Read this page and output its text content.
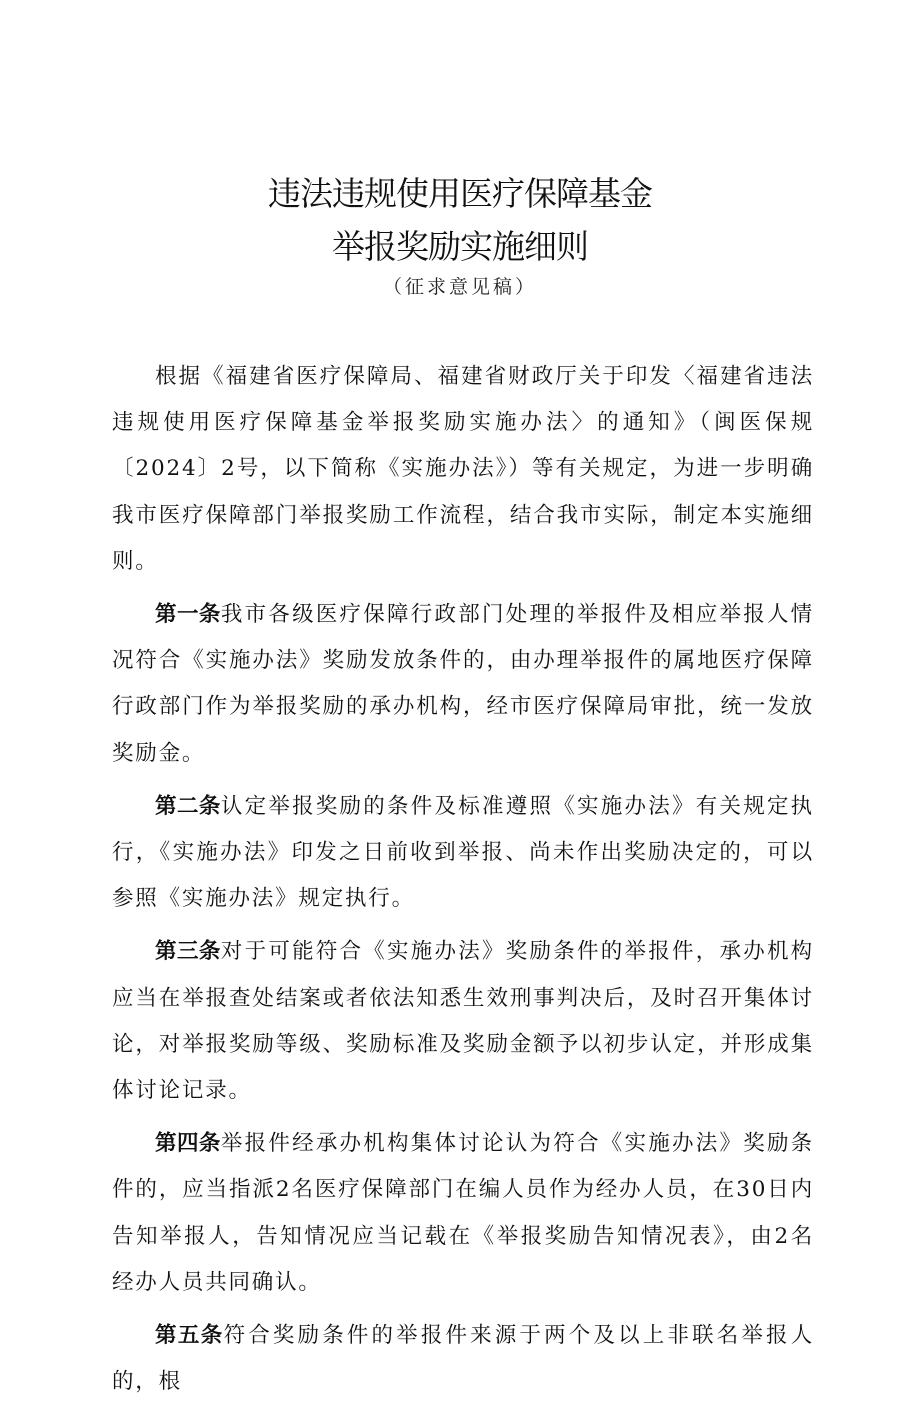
违法违规使用医疗保障基金
举报奖励实施细则
（征求意见稿）

根据《福建省医疗保障局、福建省财政厅关于印发〈福建省违法违规使用医疗保障基金举报奖励实施办法〉的通知》（闽医保规〔2024〕2号，以下简称《实施办法》）等有关规定，为进一步明确我市医疗保障部门举报奖励工作流程，结合我市实际，制定本实施细则。

第一条我市各级医疗保障行政部门处理的举报件及相应举报人情况符合《实施办法》奖励发放条件的，由办理举报件的属地医疗保障行政部门作为举报奖励的承办机构，经市医疗保障局审批，统一发放奖励金。

第二条认定举报奖励的条件及标准遵照《实施办法》有关规定执行，《实施办法》印发之日前收到举报、尚未作出奖励决定的，可以参照《实施办法》规定执行。

第三条对于可能符合《实施办法》奖励条件的举报件，承办机构应当在举报查处结案或者依法知悉生效刑事判决后，及时召开集体讨论，对举报奖励等级、奖励标准及奖励金额予以初步认定，并形成集体讨论记录。

第四条举报件经承办机构集体讨论认为符合《实施办法》奖励条件的，应当指派2名医疗保障部门在编人员作为经办人员，在30日内告知举报人，告知情况应当记载在《举报奖励告知情况表》，由2名经办人员共同确认。

第五条符合奖励条件的举报件来源于两个及以上非联名举报人的，根
